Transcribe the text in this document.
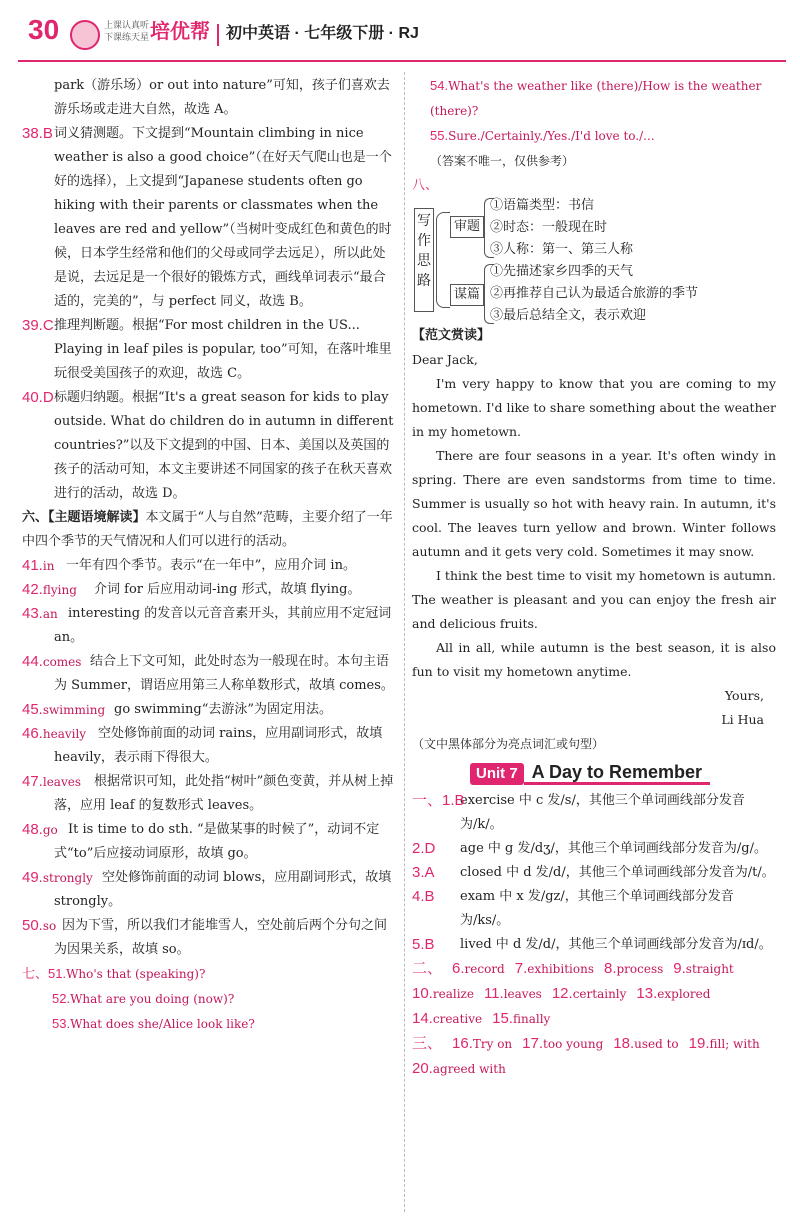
30	上课认真听
下课练天星 培优帮 初中英语 · 七年级下册 · RJ
park（游乐场）or out into nature”可知，孩子们喜欢去游乐场或走进大自然，故选 A。
38.B 词义猜测题。下文提到“Mountain climbing in nice weather is also a good choice”（在好天气爬山也是一个好的选择），上文提到“Japanese students often go hiking with their parents or classmates when the leaves are red and yellow”（当树叶变成红色和黄色的时候，日本学生经常和他们的父母或同学去远足），所以此处是说，去远足是一个很好的锻炼方式，画线单词表示“最合适的，完美的”，与 perfect 同义，故选 B。
39.C 推理判断题。根据“For most children in the US... Playing in leaf piles is popular, too”可知，在落叶堆里玩很受美国孩子的欢迎，故选 C。
40.D 标题归纳题。根据“It's a great season for kids to play outside. What do children do in autumn in different countries?”以及下文提到的中国、日本、美国以及英国的孩子的活动可知，本文主要讲述不同国家的孩子在秋天喜欢进行的活动，故选 D。
六、【主题语境解读】本文属于“人与自然”范畴，主要介绍了一年中四个季节的天气情况和人们可以进行的活动。
41.in 一年有四个季节。表示“在一年中”，应用介词 in。
42.flying 介词 for 后应用动词-ing 形式，故填 flying。
43.an interesting 的发音以元音音素开头，其前应用不定冠词 an。
44.comes 结合上下文可知，此处时态为一般现在时。本句主语为 Summer，谓语应用第三人称单数形式，故填 comes。
45.swimming go swimming“去游泳”为固定用法。
46.heavily 空处修饰前面的动词 rains，应用副词形式，故填 heavily，表示雨下得很大。
47.leaves 根据常识可知，此处指“树叶”颜色变黄，并从树上掉落，应用 leaf 的复数形式 leaves。
48.go It is time to do sth. “是做某事的时候了”，动词不定式“to”后应接动词原形，故填 go。
49.strongly 空处修饰前面的动词 blows，应用副词形式，故填 strongly。
50.so 因为下雪，所以我们才能堆雪人，空处前后两个分句之间为因果关系，故填 so。
七、51.Who's that (speaking)?
52.What are you doing (now)?
53.What does she/Alice look like?
54.What's the weather like (there)/How is the weather (there)?
55.Sure./Certainly./Yes./I'd love to./...
（答案不唯一，仅供参考）
八、
写作思路
审题
谋篇
①语篇类型：书信
②时态：一般现在时
③人称：第一、第三人称
①先描述家乡四季的天气
②再推荐自己认为最适合旅游的季节
③最后总结全文，表示欢迎
【范文赏读】
Dear Jack,
I'm very happy to know that you are coming to my hometown. I'd like to share something about the weather in my hometown.
There are four seasons in a year. It's often windy in spring. There are even sandstorms from time to time. Summer is usually so hot with heavy rain. In autumn, it's cool. The leaves turn yellow and brown. Winter follows autumn and it gets very cold. Sometimes it may snow.
I think the best time to visit my hometown is autumn. The weather is pleasant and you can enjoy the fresh air and delicious fruits.
All in all, while autumn is the best season, it is also fun to visit my hometown anytime.
Yours,
Li Hua
（文中黑体部分为亮点词汇或句型）
Unit 7 A Day to Remember
一、1.B
exercise 中 c 发/s/，其他三个单词画线部分发音为/k/。
2.D age 中 g 发/dʒ/，其他三个单词画线部分发音为/g/。
3.A closed 中 d 发/d/，其他三个单词画线部分发音为/t/。
4.B exam 中 x 发/gz/，其他三个单词画线部分发音为/ks/。
5.B lived 中 d 发/d/，其他三个单词画线部分发音为/ɪd/。
二、 6.record 7.exhibitions 8.process 9.straight
10.realize 11.leaves 12.certainly 13.explored
14.creative 15.finally
三、 16.Try on 17.too young 18.used to 19.fill; with
20.agreed with
